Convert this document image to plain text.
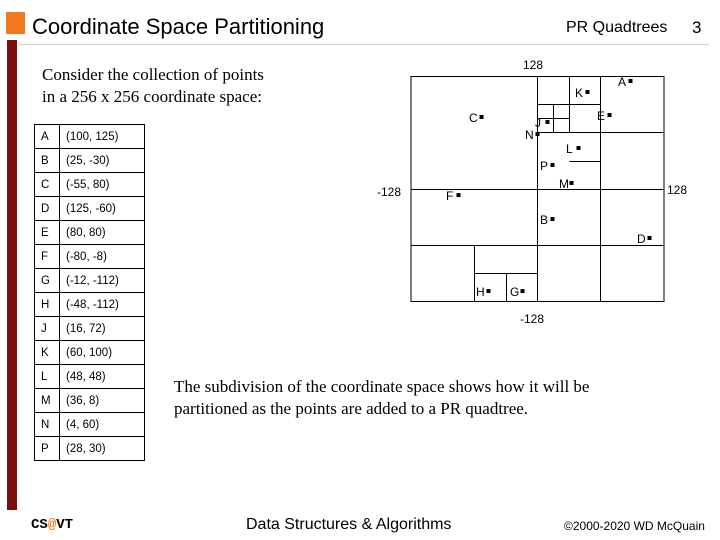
Coordinate Space Partitioning	PR Quadtrees 3
Consider the collection of points
in a 256 x 256 coordinate space:
A	(100, 125)
B	(25, -30)
C	(-55, 80)
D	(125, -60)
E	(80, 80)
F	(-80, -8)
G	(-12, -112)
H	(-48, -112)
J	(16, 72)
K	(60, 100)
L	(48, 48)
M	(36, 8)
N	(4, 60)
P	(28, 30)
128
-128
-128	128
A
K
C	E
J
N
L
P
M
F
B
D
H G
The subdivision of the coordinate space shows how it will be
partitioned as the points are added to a PR quadtree.
CS@VT	Data Structures & Algorithms	©2000-2020 WD McQuain
